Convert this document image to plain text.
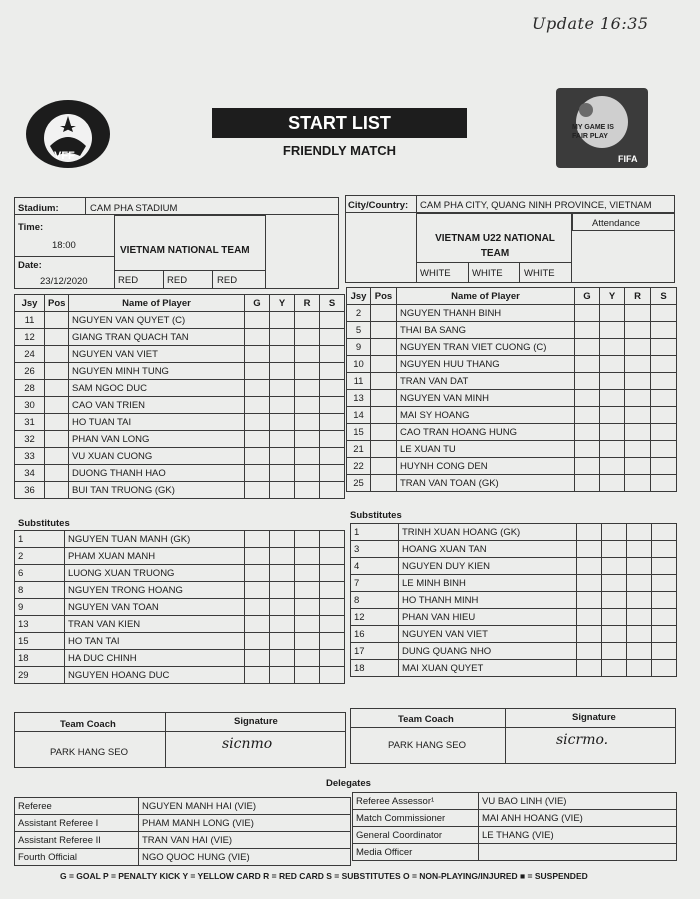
Update 16:35
VFF
START LIST
FRIENDLY MATCH
MY GAME IS
FAIR PLAY
FIFA
Stadium:	CAM PHA STADIUM
Time:
18:00
Date:
23/12/2020
VIETNAM NATIONAL TEAM
RED	RED	RED
City/Country: CAM PHA CITY, QUANG NINH PROVINCE, VIETNAM
Attendance
VIETNAM U22 NATIONAL TEAM
WHITE WHITE WHITE
Jsy	Pos	Name of Player	G	Y	R	S
11		NGUYEN VAN QUYET (C)				
12		GIANG TRAN QUACH TAN				
24		NGUYEN VAN VIET				
26		NGUYEN MINH TUNG				
28		SAM NGOC DUC				
30		CAO VAN TRIEN				
31		HO TUAN TAI				
32		PHAN VAN LONG				
33		VU XUAN CUONG				
34		DUONG THANH HAO				
36		BUI TAN TRUONG (GK)				
Jsy	Pos	Name of Player	G	Y	R	S
2		NGUYEN THANH BINH				
5		THAI BA SANG				
9		NGUYEN TRAN VIET CUONG (C)				
10		NGUYEN HUU THANG				
11		TRAN VAN DAT				
13		NGUYEN VAN MINH				
14		MAI SY HOANG				
15		CAO TRAN HOANG HUNG				
21		LE XUAN TU				
22		HUYNH CONG DEN				
25		TRAN VAN TOAN (GK)				
Substitutes
1	NGUYEN TUAN MANH (GK)				
2	PHAM XUAN MANH				
6	LUONG XUAN TRUONG				
8	NGUYEN TRONG HOANG				
9	NGUYEN VAN TOAN				
13	TRAN VAN KIEN				
15	HO TAN TAI				
18	HA DUC CHINH				
29	NGUYEN HOANG DUC				
Substitutes
1	TRINH XUAN HOANG (GK)				
3	HOANG XUAN TAN				
4	NGUYEN DUY KIEN				
7	LE MINH BINH				
8	HO THANH MINH				
12	PHAN VAN HIEU				
16	NGUYEN VAN VIET				
17	DUNG QUANG NHO				
18	MAI XUAN QUYET				
Team Coach	Signature
PARK HANG SEO
sicnmo
Team Coach	Signature
PARK HANG SEO	sicrmo.
Delegates
Referee	NGUYEN MANH HAI (VIE)
Assistant Referee I	PHAM MANH LONG (VIE)
Assistant Referee II	TRAN VAN HAI (VIE)
Fourth Official	NGO QUOC HUNG (VIE)
Referee Assessor¹	VU BAO LINH (VIE)
Match Commissioner	MAI ANH HOANG (VIE)
General Coordinator	LE THANG (VIE)
Media Officer	
G = GOAL P = PENALTY KICK Y = YELLOW CARD R = RED CARD S = SUBSTITUTES O = NON-PLAYING/INJURED ■ = SUSPENDED
